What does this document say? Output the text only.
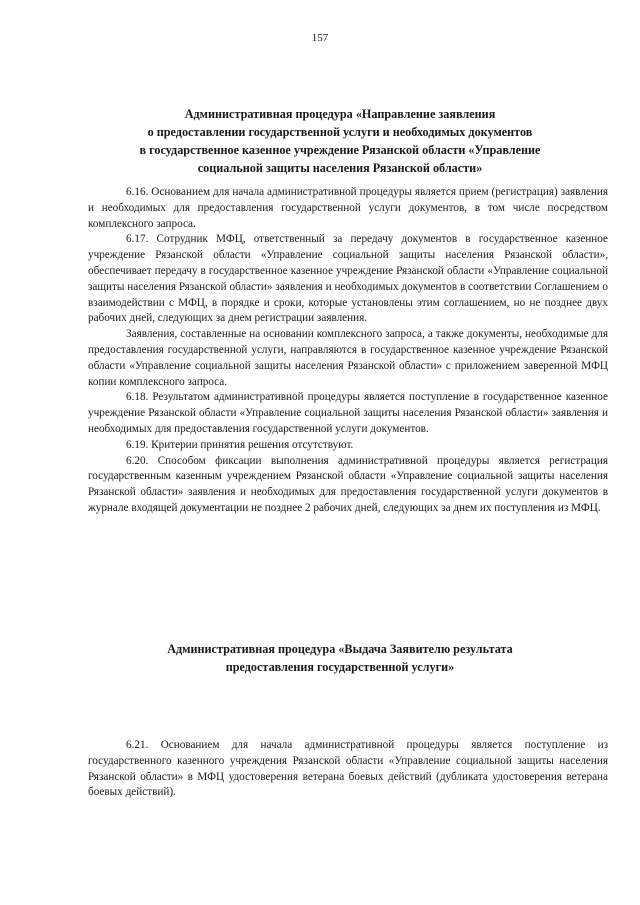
157
Административная процедура «Направление заявления
о предоставлении государственной услуги и необходимых документов
в государственное казенное учреждение Рязанской области «Управление
социальной защиты населения Рязанской области»

6.16. Основанием для начала административной процедуры является прием (регистрация) заявления и необходимых для предоставления государственной услуги документов, в том числе посредством комплексного запроса.

6.17. Сотрудник МФЦ, ответственный за передачу документов в государственное казенное учреждение Рязанской области «Управление социальной защиты населения Рязанской области», обеспечивает передачу в государственное казенное учреждение Рязанской области «Управление социальной защиты населения Рязанской области» заявления и необходимых документов в соответствии Соглашением о взаимодействии с МФЦ, в порядке и сроки, которые установлены этим соглашением, но не позднее двух рабочих дней, следующих за днем регистрации заявления.

Заявления, составленные на основании комплексного запроса, а также документы, необходимые для предоставления государственной услуги, направляются в государственное казенное учреждение Рязанской области «Управление социальной защиты населения Рязанской области» с приложением заверенной МФЦ копии комплексного запроса.

6.18. Результатом административной процедуры является поступление в государственное казенное учреждение Рязанской области «Управление социальной защиты населения Рязанской области» заявления и необходимых для предоставления государственной услуги документов.

6.19. Критерии принятия решения отсутствуют.

6.20. Способом фиксации выполнения административной процедуры является регистрация государственным казенным учреждением Рязанской области «Управление социальной защиты населения Рязанской области» заявления и необходимых для предоставления государственной услуги документов в журнале входящей документации не позднее 2 рабочих дней, следующих за днем их поступления из МФЦ.

Административная процедура «Выдача Заявителю результата
предоставления государственной услуги»

6.21. Основанием для начала административной процедуры является поступление из государственного казенного учреждения Рязанской области «Управление социальной защиты населения Рязанской области» в МФЦ удостоверения ветерана боевых действий (дубликата удостоверения ветерана боевых действий).
